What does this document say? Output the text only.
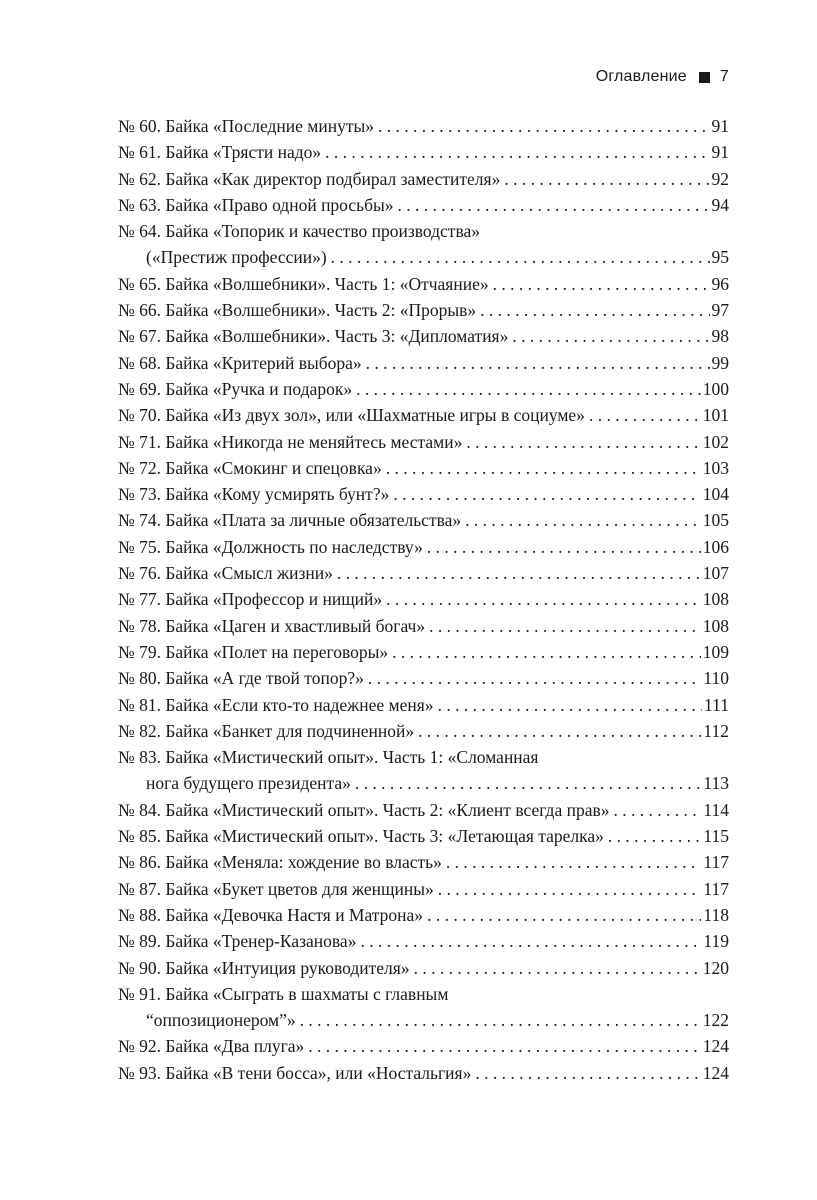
Оглавление 7
№ 60. Байка «Последние минуты» . . .	91
№ 61. Байка «Трясти надо» . . .	91
№ 62. Байка «Как директор подбирал заместителя» . . .	92
№ 63. Байка «Право одной просьбы» . . .	94
№ 64. Байка «Топорик и качество производства»
(«Престиж профессии») . . .	95
№ 65. Байка «Волшебники». Часть 1: «Отчаяние» . . .	96
№ 66. Байка «Волшебники». Часть 2: «Прорыв» . . .	97
№ 67. Байка «Волшебники». Часть 3: «Дипломатия» . . .	98
№ 68. Байка «Критерий выбора» . . .	99
№ 69. Байка «Ручка и подарок» . . .	100
№ 70. Байка «Из двух зол», или «Шахматные игры в социуме» . . .	101
№ 71. Байка «Никогда не меняйтесь местами» . . .	102
№ 72. Байка «Смокинг и спецовка» . . .	103
№ 73. Байка «Кому усмирять бунт?» . . .	104
№ 74. Байка «Плата за личные обязательства» . . .	105
№ 75. Байка «Должность по наследству» . . .	106
№ 76. Байка «Смысл жизни» . . .	107
№ 77. Байка «Профессор и нищий» . . .	108
№ 78. Байка «Цаген и хвастливый богач» . . .	108
№ 79. Байка «Полет на переговоры» . . .	109
№ 80. Байка «А где твой топор?» . . .	110
№ 81. Байка «Если кто-то надежнее меня» . . .	111
№ 82. Байка «Банкет для подчиненной» . . .	112
№ 83. Байка «Мистический опыт». Часть 1: «Сломанная
нога будущего президента» . . .	113
№ 84. Байка «Мистический опыт». Часть 2: «Клиент всегда прав» . . .	114
№ 85. Байка «Мистический опыт». Часть 3: «Летающая тарелка» . . .	115
№ 86. Байка «Меняла: хождение во власть» . . .	117
№ 87. Байка «Букет цветов для женщины» . . .	117
№ 88. Байка «Девочка Настя и Матрона» . . .	118
№ 89. Байка «Тренер-Казанова» . . .	119
№ 90. Байка «Интуиция руководителя» . . .	120
№ 91. Байка «Сыграть в шахматы с главным
“оппозиционером”» . . .	122
№ 92. Байка «Два плуга» . . .	124
№ 93. Байка «В тени босса», или «Ностальгия» . . .	124
